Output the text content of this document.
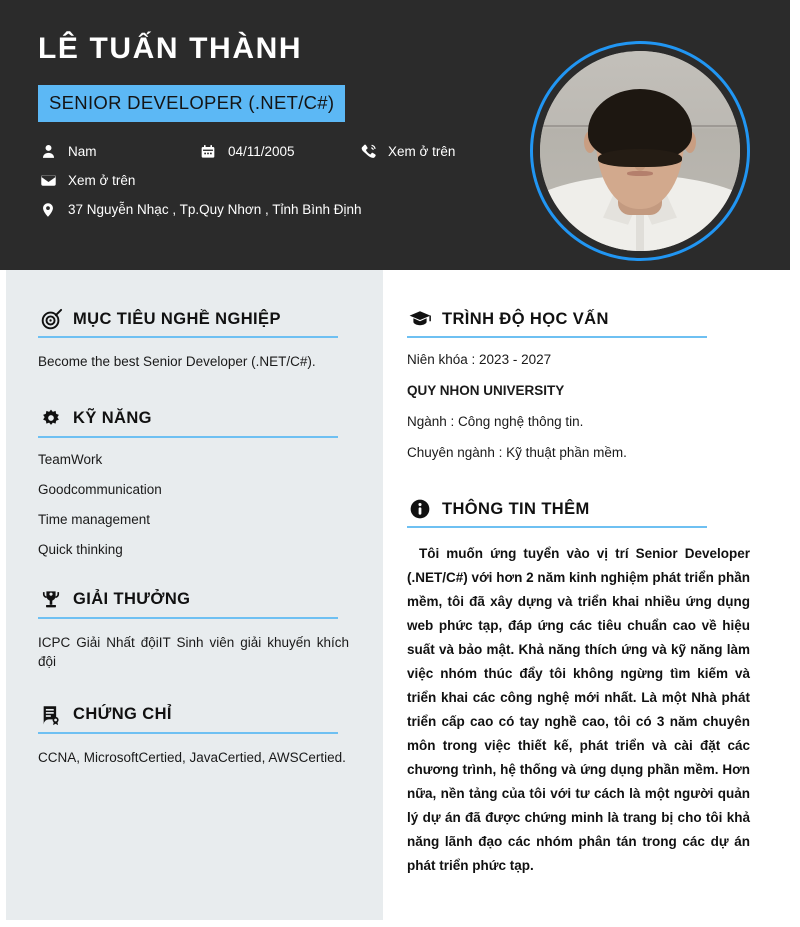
LÊ TUẤN THÀNH
SENIOR DEVELOPER (.NET/C#)
Nam	04/11/2005	Xem ở trên
Xem ở trên
37 Nguyễn Nhạc , Tp.Quy Nhơn , Tỉnh Bình Định
MỤC TIÊU NGHỀ NGHIỆP
Become the best Senior Developer (.NET/C#).
KỸ NĂNG
TeamWork
Goodcommunication
Time management
Quick thinking
GIẢI THƯỞNG
ICPC Giải Nhất độiIT Sinh viên giải khuyến khích đội
CHỨNG CHỈ
CCNA, MicrosoftCertied, JavaCertied, AWSCertied.
TRÌNH ĐỘ HỌC VẤN
Niên khóa : 2023 - 2027
QUY NHON UNIVERSITY
Ngành : Công nghệ thông tin.
Chuyên ngành : Kỹ thuật phần mềm.
THÔNG TIN THÊM
Tôi muốn ứng tuyển vào vị trí Senior Developer (.NET/C#) với hơn 2 năm kinh nghiệm phát triển phần mềm, tôi đã xây dựng và triển khai nhiều ứng dụng web phức tạp, đáp ứng các tiêu chuẩn cao về hiệu suất và bảo mật. Khả năng thích ứng và kỹ năng làm việc nhóm thúc đẩy tôi không ngừng tìm kiếm và triển khai các công nghệ mới nhất. Là một Nhà phát triển cấp cao có tay nghề cao, tôi có 3 năm chuyên môn trong việc thiết kế, phát triển và cài đặt các chương trình, hệ thống và ứng dụng phần mềm. Hơn nữa, nền tảng của tôi với tư cách là một người quản lý dự án đã được chứng minh là trang bị cho tôi khả năng lãnh đạo các nhóm phân tán trong các dự án phát triển phức tạp.
